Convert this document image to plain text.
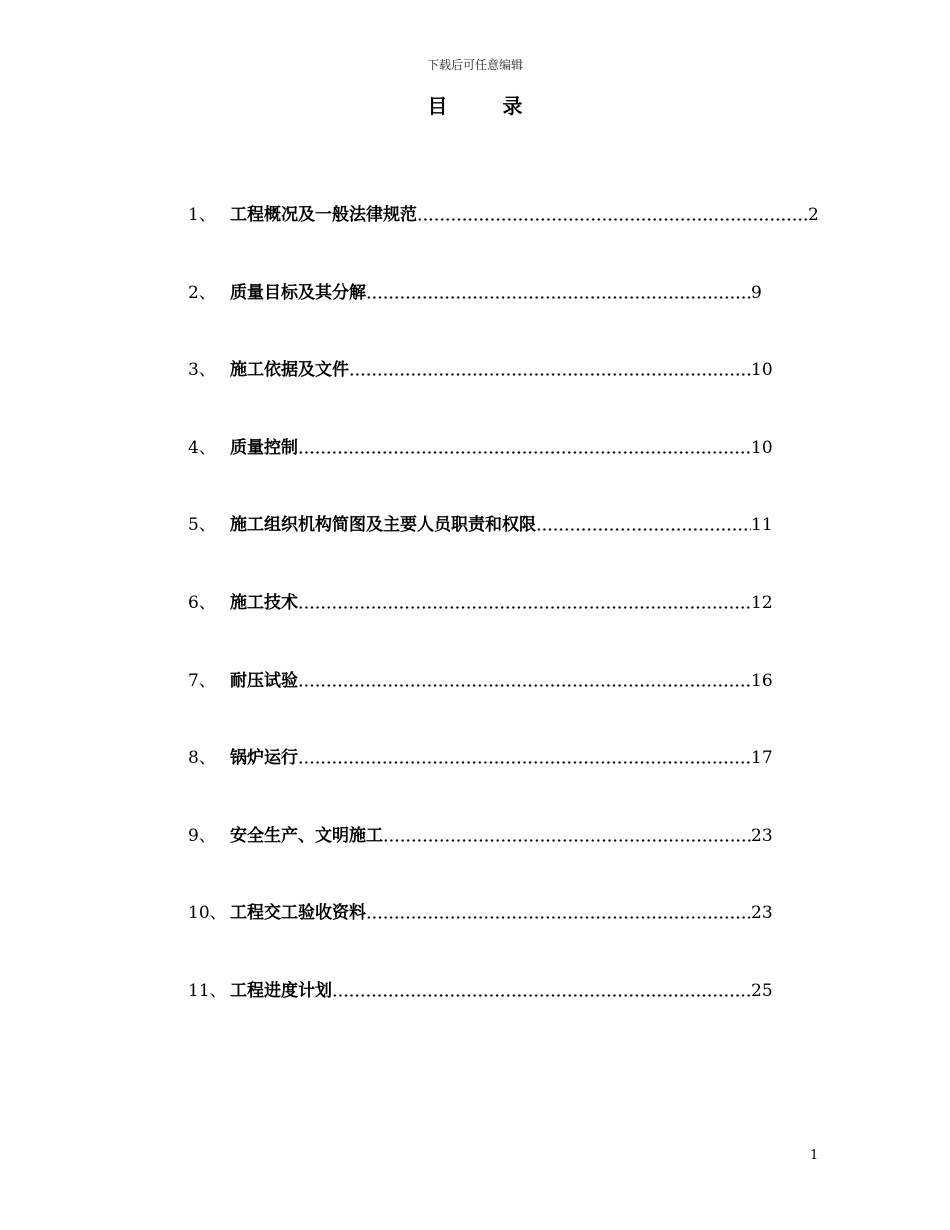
下载后可任意编辑
目 录
1、 工程概况及一般法律规范	2
2、 质量目标及其分解	9
3、 施工依据及文件	10
4、 质量控制	10
5、 施工组织机构简图及主要人员职责和权限	11
6、 施工技术	12
7、 耐压试验	16
8、 锅炉运行	17
9、 安全生产、文明施工	23
10、 工程交工验收资料	23
11、 工程进度计划	25
1
